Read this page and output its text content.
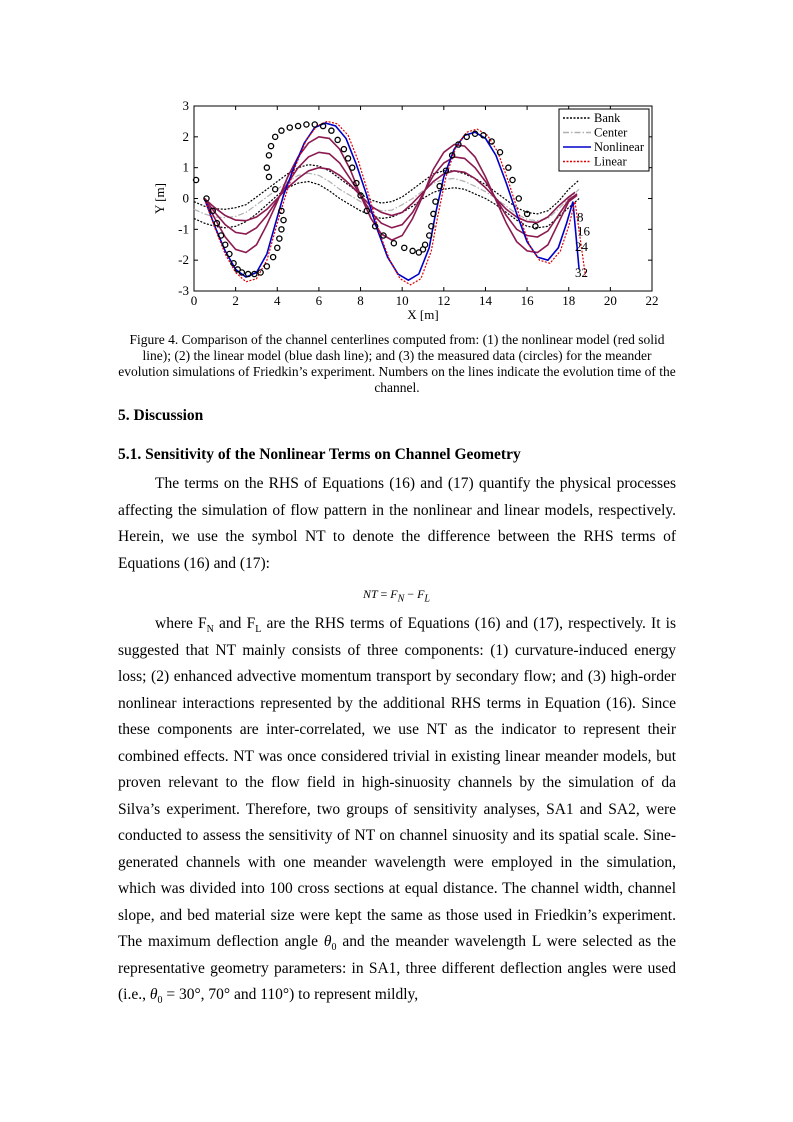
0	2	4	6	8 10 12 14 16 18 20 22
-3
-2
-1
0
1
2
3
X [m]
Y [m]
8
16
24
32
Bank
Center
Nonlinear
Linear
Figure 4. Comparison of the channel centerlines computed from: (1) the nonlinear model (red solid line); (2) the linear model (blue dash line); and (3) the measured data (circles) for the meander evolution simulations of Friedkin’s experiment. Numbers on the lines indicate the evolution time of the channel.
5. Discussion
5.1. Sensitivity of the Nonlinear Terms on Channel Geometry

The terms on the RHS of Equations (16) and (17) quantify the physical processes affecting the simulation of flow pattern in the nonlinear and linear models, respectively. Herein, we use the symbol NT to denote the difference between the RHS terms of Equations (16) and (17):

NT = $F_N - F_L$

where $F_N$ and $F_L$ are the RHS terms of Equations (16) and (17), respectively. It is suggested that NT mainly consists of three components: (1) curvature-induced energy loss; (2) enhanced advective momentum transport by secondary flow; and (3) high-order nonlinear interactions represented by the additional RHS terms in Equation (16). Since these components are inter-correlated, we use NT as the indicator to represent their combined effects. NT was once considered trivial in existing linear meander models, but proven relevant to the flow field in high-sinuosity channels by the simulation of da Silva’s experiment. Therefore, two groups of sensitivity analyses, SA1 and SA2, were conducted to assess the sensitivity of NT on channel sinuosity and its spatial scale. Sine-generated channels with one meander wavelength were employed in the simulation, which was divided into 100 cross sections at equal distance. The channel width, channel slope, and bed material size were kept the same as those used in Friedkin’s experiment. The maximum deflection angle $\theta_0$ and the meander wavelength L were selected as the representative geometry parameters: in SA1, three different deflection angles were used (i.e., $\theta_0 = 30^\circ$, 70° and 110°) to represent mildly,
